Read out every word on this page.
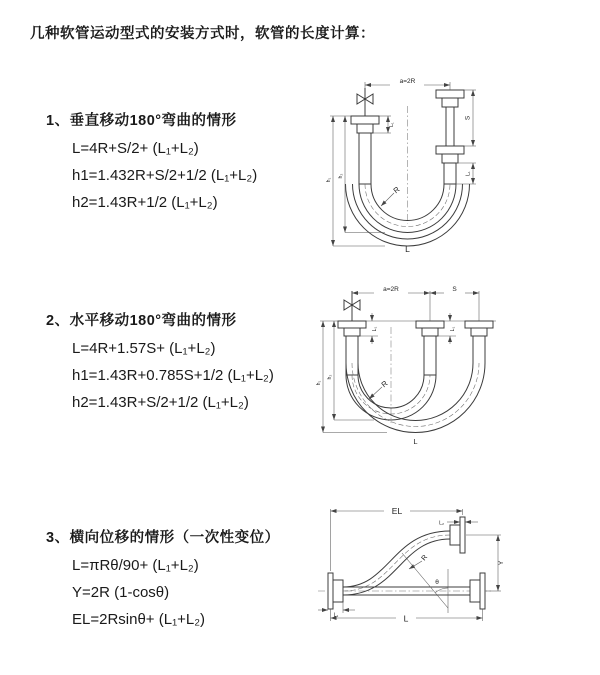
几种软管运动型式的安装方式时，软管的长度计算：
1、垂直移动180°弯曲的情形
L=4R+S/2+ (L₁+L₂)
h1=1.432R+S/2+1/2 (L₁+L₂)
h2=1.43R+1/2 (L₁+L₂)
2、水平移动180°弯曲的情形
L=4R+1.57S+ (L₁+L₂)
h1=1.43R+0.785S+1/2 (L₁+L₂)
h2=1.43R+S/2+1/2 (L₁+L₂)
3、横向位移的情形（一次性变位）
L=πRθ/90+ (L₁+L₂)
Y=2R (1-cosθ)
EL=2Rsinθ+ (L₁+L₂)
a=2R
S
L₁
L₁
h₁
h₂
R
L
a=2R	S
L₁	L₁
h₁
h₂
R
L
EL
L₂
Y
L
L₁
R
θ
